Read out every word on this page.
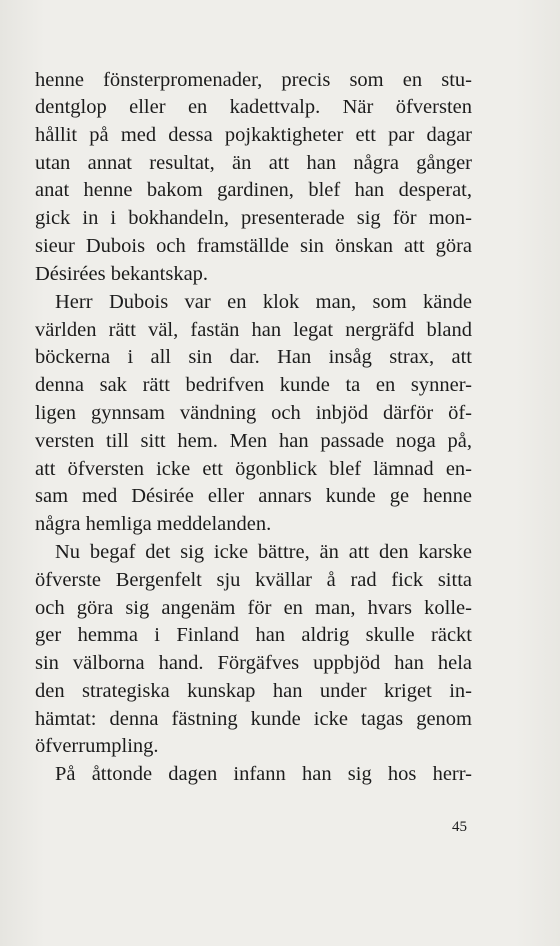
henne fönsterpromenader, precis som en stu-
dentglop eller en kadettvalp. När öfversten
hållit på med dessa pojkaktigheter ett par dagar
utan annat resultat, än att han några gånger
anat henne bakom gardinen, blef han desperat,
gick in i bokhandeln, presenterade sig för mon-
sieur Dubois och framställde sin önskan att göra
Désirées bekantskap.
Herr Dubois var en klok man, som kände
världen rätt väl, fastän han legat nergräfd bland
böckerna i all sin dar. Han insåg strax, att
denna sak rätt bedrifven kunde ta en synner-
ligen gynnsam vändning och inbjöd därför öf-
versten till sitt hem. Men han passade noga på,
att öfversten icke ett ögonblick blef lämnad en-
sam med Désirée eller annars kunde ge henne
några hemliga meddelanden.
Nu begaf det sig icke bättre, än att den karske
öfverste Bergenfelt sju kvällar å rad fick sitta
och göra sig angenäm för en man, hvars kolle-
ger hemma i Finland han aldrig skulle räckt
sin välborna hand. Förgäfves uppbjöd han hela
den strategiska kunskap han under kriget in-
hämtat: denna fästning kunde icke tagas genom
öfverrumpling.
På åttonde dagen infann han sig hos herr-
45
